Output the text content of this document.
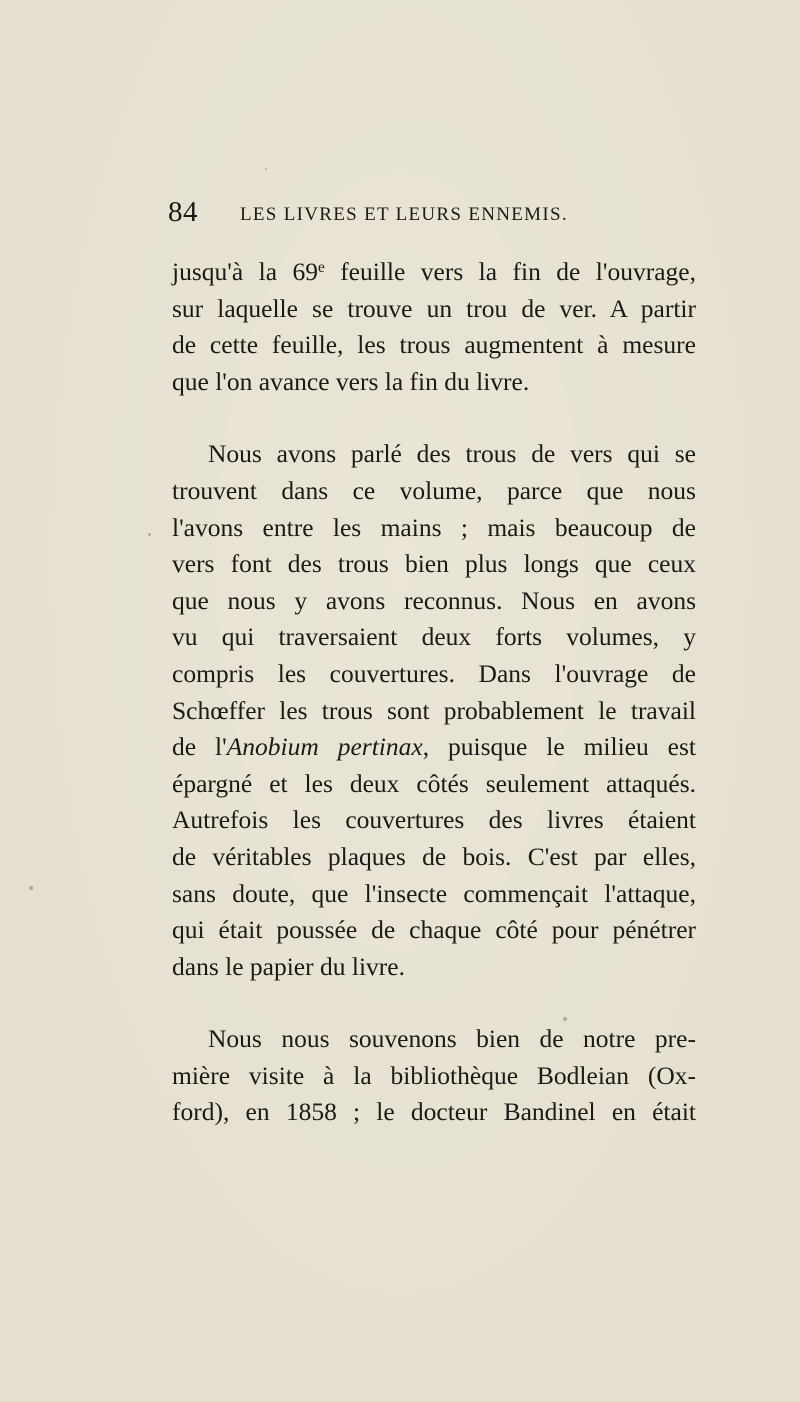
84 LES LIVRES ET LEURS ENNEMIS.

jusqu'à la 69e feuille vers la fin de l'ouvrage,
sur laquelle se trouve un trou de ver. A partir
de cette feuille, les trous augmentent à mesure
que l'on avance vers la fin du livre.

Nous avons parlé des trous de vers qui se
trouvent dans ce volume, parce que nous
l'avons entre les mains ; mais beaucoup de
vers font des trous bien plus longs que ceux
que nous y avons reconnus. Nous en avons
vu qui traversaient deux forts volumes, y
compris les couvertures. Dans l'ouvrage de
Schœffer les trous sont probablement le travail
de l'Anobium pertinax, puisque le milieu est
épargné et les deux côtés seulement attaqués.
Autrefois les couvertures des livres étaient
de véritables plaques de bois. C'est par elles,
sans doute, que l'insecte commençait l'attaque,
qui était poussée de chaque côté pour pénétrer
dans le papier du livre.

Nous nous souvenons bien de notre pre-
mière visite à la bibliothèque Bodleian (Ox-
ford), en 1858 ; le docteur Bandinel en était
